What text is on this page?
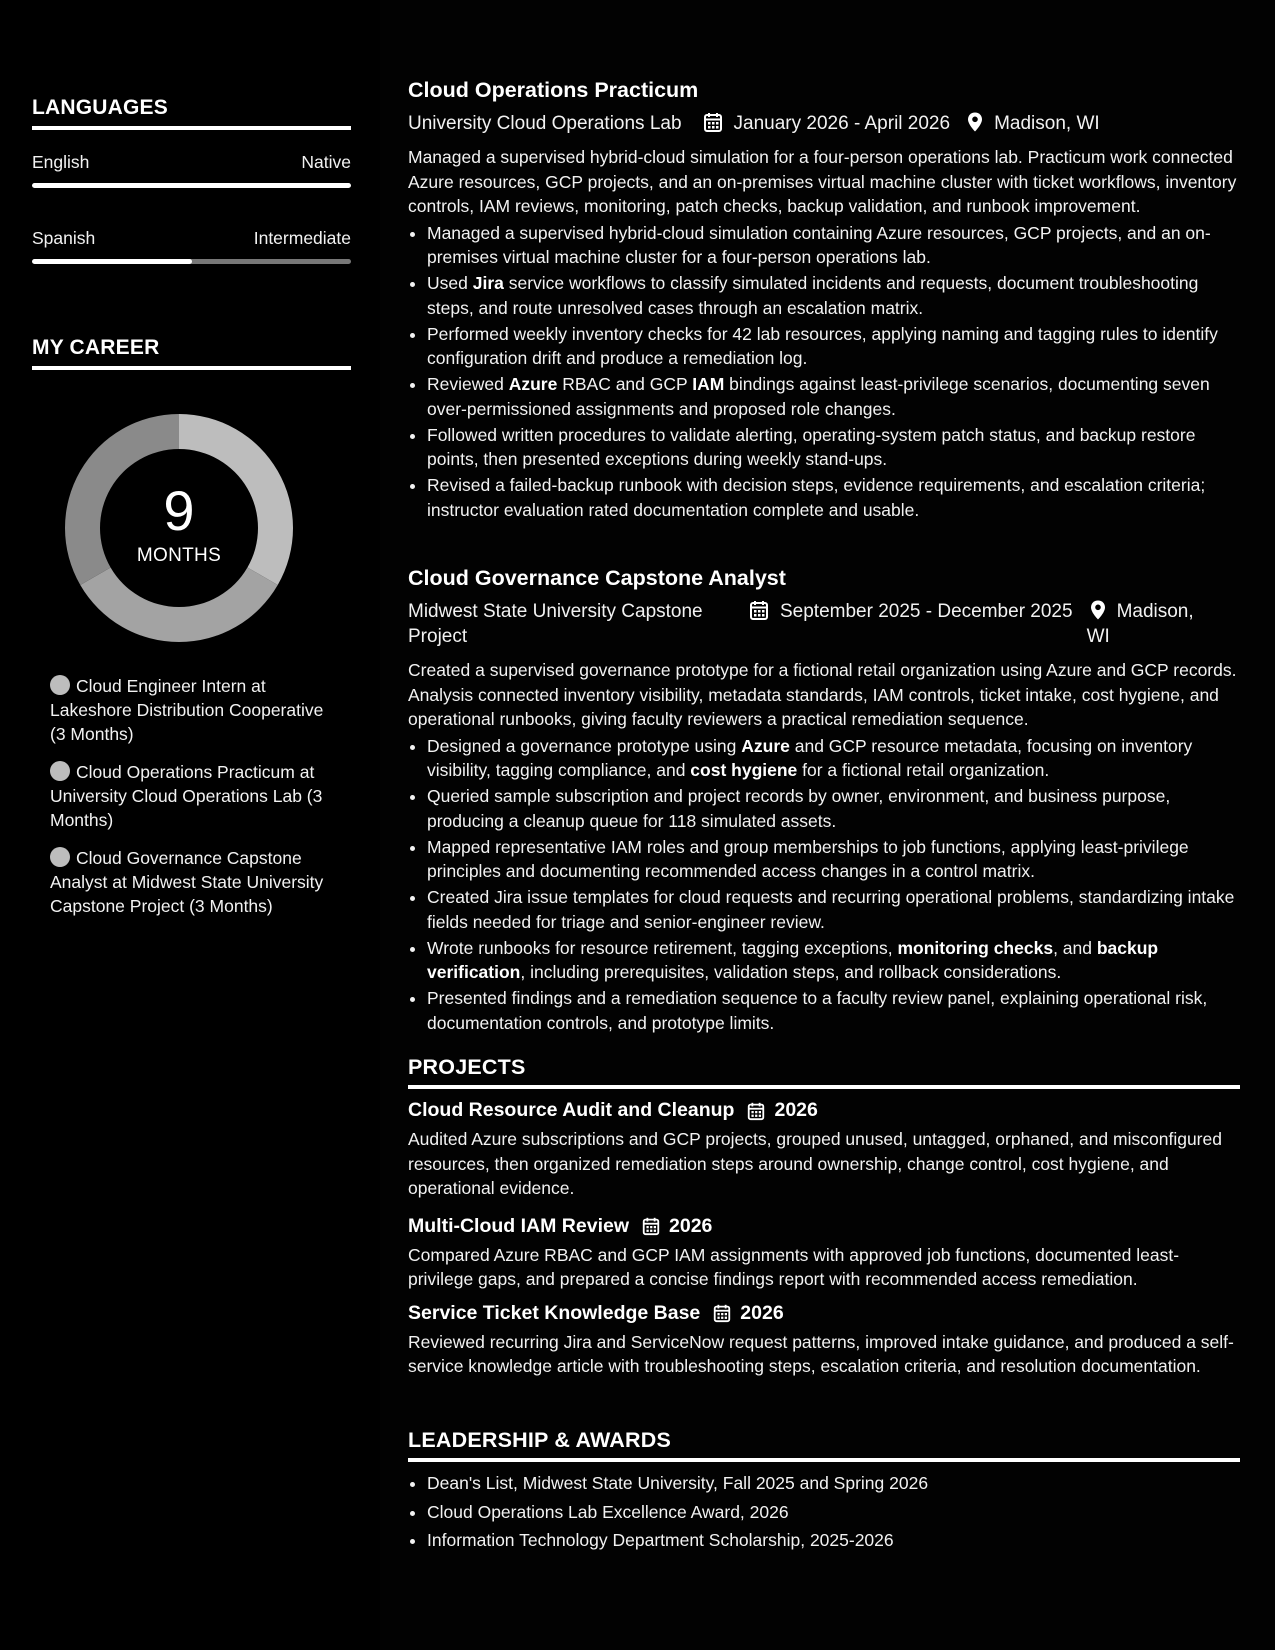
LANGUAGES
English	Native
Spanish	Intermediate
MY CAREER
9
MONTHS
Cloud Engineer Intern at Lakeshore Distribution Cooperative (3 Months)
Cloud Operations Practicum at University Cloud Operations Lab (3 Months)
Cloud Governance Capstone Analyst at Midwest State University Capstone Project (3 Months)
Cloud Operations Practicum
University Cloud Operations Lab	January 2026 - April 2026	Madison, WI
Managed a supervised hybrid-cloud simulation for a four-person operations lab. Practicum work connected Azure resources, GCP projects, and an on-premises virtual machine cluster with ticket workflows, inventory controls, IAM reviews, monitoring, patch checks, backup validation, and runbook improvement.
• Managed a supervised hybrid-cloud simulation containing Azure resources, GCP projects, and an on-premises virtual machine cluster for a four-person operations lab.
• Used Jira service workflows to classify simulated incidents and requests, document troubleshooting steps, and route unresolved cases through an escalation matrix.
• Performed weekly inventory checks for 42 lab resources, applying naming and tagging rules to identify configuration drift and produce a remediation log.
• Reviewed Azure RBAC and GCP IAM bindings against least-privilege scenarios, documenting seven over-permissioned assignments and proposed role changes.
• Followed written procedures to validate alerting, operating-system patch status, and backup restore points, then presented exceptions during weekly stand-ups.
• Revised a failed-backup runbook with decision steps, evidence requirements, and escalation criteria; instructor evaluation rated documentation complete and usable.
Cloud Governance Capstone Analyst
Midwest State University Capstone Project
September 2025 - December 2025	Madison, WI
Created a supervised governance prototype for a fictional retail organization using Azure and GCP records. Analysis connected inventory visibility, metadata standards, IAM controls, ticket intake, cost hygiene, and operational runbooks, giving faculty reviewers a practical remediation sequence.
• Designed a governance prototype using Azure and GCP resource metadata, focusing on inventory visibility, tagging compliance, and cost hygiene for a fictional retail organization.
• Queried sample subscription and project records by owner, environment, and business purpose, producing a cleanup queue for 118 simulated assets.
• Mapped representative IAM roles and group memberships to job functions, applying least-privilege principles and documenting recommended access changes in a control matrix.
• Created Jira issue templates for cloud requests and recurring operational problems, standardizing intake fields needed for triage and senior-engineer review.
• Wrote runbooks for resource retirement, tagging exceptions, monitoring checks, and backup verification, including prerequisites, validation steps, and rollback considerations.
• Presented findings and a remediation sequence to a faculty review panel, explaining operational risk, documentation controls, and prototype limits.
PROJECTS
Cloud Resource Audit and Cleanup 2026
Audited Azure subscriptions and GCP projects, grouped unused, untagged, orphaned, and misconfigured resources, then organized remediation steps around ownership, change control, cost hygiene, and operational evidence.
Multi-Cloud IAM Review 2026
Compared Azure RBAC and GCP IAM assignments with approved job functions, documented least-privilege gaps, and prepared a concise findings report with recommended access remediation.
Service Ticket Knowledge Base 2026
Reviewed recurring Jira and ServiceNow request patterns, improved intake guidance, and produced a self-service knowledge article with troubleshooting steps, escalation criteria, and resolution documentation.
LEADERSHIP & AWARDS
• Dean's List, Midwest State University, Fall 2025 and Spring 2026
• Cloud Operations Lab Excellence Award, 2026
• Information Technology Department Scholarship, 2025-2026
